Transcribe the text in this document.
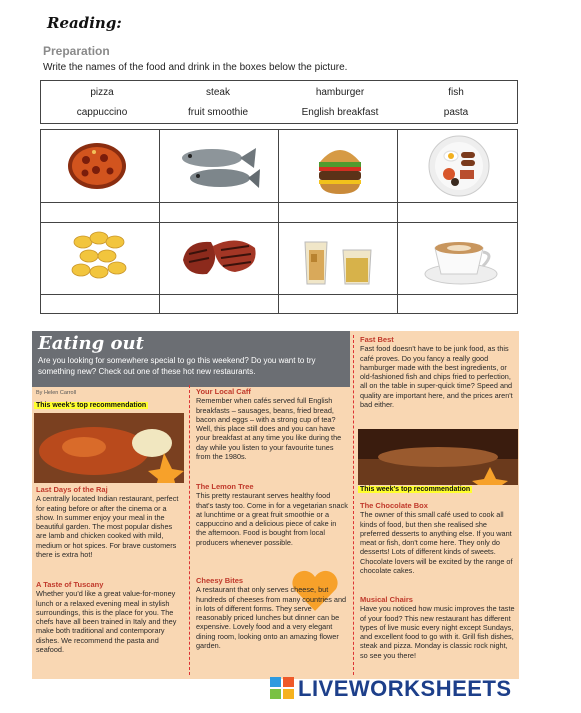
Reading:
Preparation
Write the names of the food and drink in the boxes below the picture.
pizza	steak	hamburger	fish
cappuccino	fruit smoothie	English breakfast	pasta
Eating out
Are you looking for somewhere special to go this weekend? Do you want to try something new? Check out one of these hot new restaurants.
By Helen Carroll
This week's top recommendation
Last Days of the Raj
A centrally located Indian restaurant, perfect for eating before or after the cinema or a show. In summer enjoy your meal in the beautiful garden. The most popular dishes are lamb and chicken cooked with mild, medium or hot spices. For brave customers there is extra hot!
A Taste of Tuscany
Whether you'd like a great value-for-money lunch or a relaxed evening meal in stylish surroundings, this is the place for you. The chefs have all been trained in Italy and they make both traditional and contemporary dishes. We recommend the pasta and seafood.
Your Local Caff
Remember when cafés served full English breakfasts – sausages, beans, fried bread, bacon and eggs – with a strong cup of tea? Well, this place still does and you can have your breakfast at any time you like during the day while you listen to your favourite tunes from the 1980s.
The Lemon Tree
This pretty restaurant serves healthy food that's tasty too. Come in for a vegetarian snack at lunchtime or a great fruit smoothie or a cappuccino and a delicious piece of cake in the afternoon. Food is bought from local producers whenever possible.
Cheesy Bites
A restaurant that only serves cheese, but hundreds of cheeses from many countries and in lots of different forms. They serve reasonably priced lunches but dinner can be expensive. Lovely food and a very elegant dining room, looking onto an amazing flower garden.
Fast Best
Fast food doesn't have to be junk food, as this café proves. Do you fancy a really good hamburger made with the best ingredients, or old-fashioned fish and chips fried to perfection, all on the table in super-quick time? Speed and quality are important here, and the prices aren't bad either.
This week's top recommendation
The Chocolate Box
The owner of this small café used to cook all kinds of food, but then she realised she preferred desserts to anything else. If you want meat or fish, don't come here. They only do desserts! Lots of different kinds of sweets. Chocolate lovers will be excited by the range of chocolate cakes.
Musical Chairs
Have you noticed how music improves the taste of your food? This new restaurant has different types of live music every night except Sundays, and excellent food to go with it. Grill fish dishes, steak and pizza. Monday is classic rock night, so see you there!
LIVEWORKSHEETS
